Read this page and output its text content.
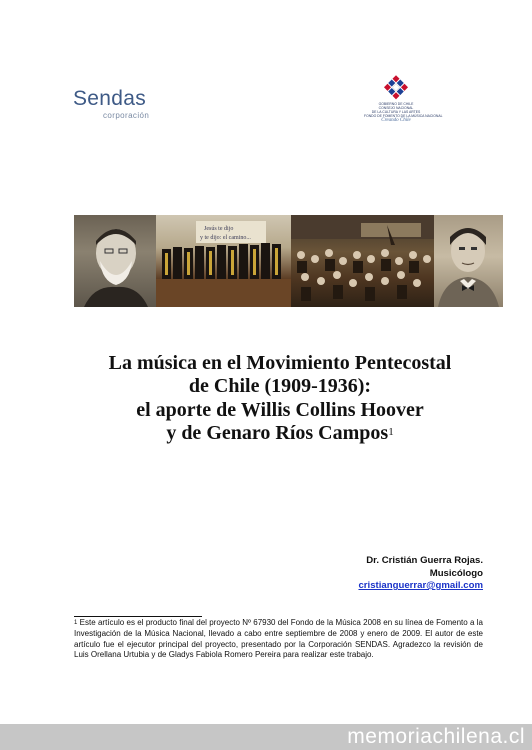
Sendas
corporación
GOBIERNO DE CHILE
CONSEJO NACIONAL
DE LA CULTURA Y LAS ARTES
FONDO DE FOMENTO DE LA MÚSICA NACIONAL
Creando Chile
Jesús te dijo
y te dijo: el camino...
La música en el Movimiento Pentecostal
de Chile (1909-1936):
el aporte de Willis Collins Hoover
y de Genaro Ríos Campos$^1$
Dr. Cristián Guerra Rojas.
Musicólogo
cristianguerrar@gmail.com
$^1$ Este artículo es el producto final del proyecto Nº 67930 del Fondo de la Música 2008 en su línea de Fomento a la Investigación de la Música Nacional, llevado a cabo entre septiembre de 2008 y enero de 2009. El autor de este artículo fue el ejecutor principal del proyecto, presentado por la Corporación SENDAS. Agradezco la revisión de Luis Orellana Urtubia y de Gladys Fabiola Romero Pereira para realizar este trabajo.
memoriachilena.cl
